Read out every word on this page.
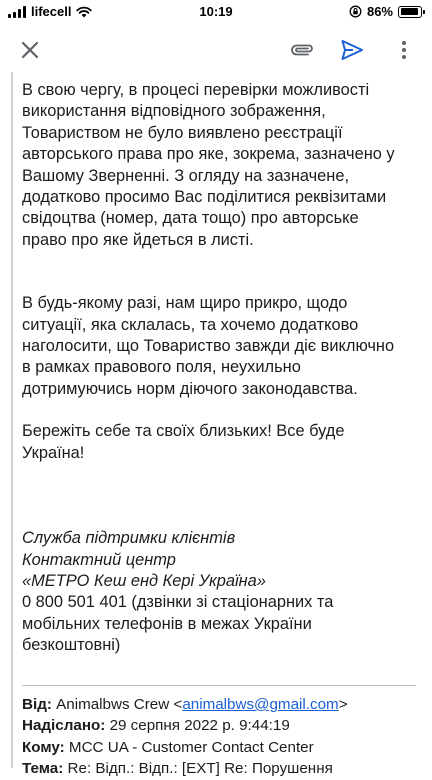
lifecell	10:19	86%

В свою чергу, в процесі перевірки можливості
використання відповідного зображення,
Товариством не було виявлено реєстрації
авторського права про яке, зокрема, зазначено у
Вашому Зверненні. З огляду на зазначене,
додатково просимо Вас поділитися реквізитами
свідоцтва (номер, дата тощо) про авторське
право про яке йдеться в листі.

В будь-якому разі, нам щиро прикро, щодо
ситуації, яка склалась, та хочемо додатково
наголосити, що Товариство завжди діє виключно
в рамках правового поля, неухильно
дотримуючись норм діючого законодавства.

Бережіть себе та своїх близьких! Все буде
Україна!

Служба підтримки клієнтів
Контактний центр
«МЕТРО Кеш енд Кері Україна»

0 800 501 401 (дзвінки зі стаціонарних та
мобільних телефонів в межах України
безкоштовні)

Від: Animalbws Crew <animalbws@gmail.com>
Надіслано: 29 серпня 2022 р. 9:44:19
Кому: MCC UA - Customer Contact Center
Тема: Re: Відп.: Відп.: [EXT] Re: Порушення
